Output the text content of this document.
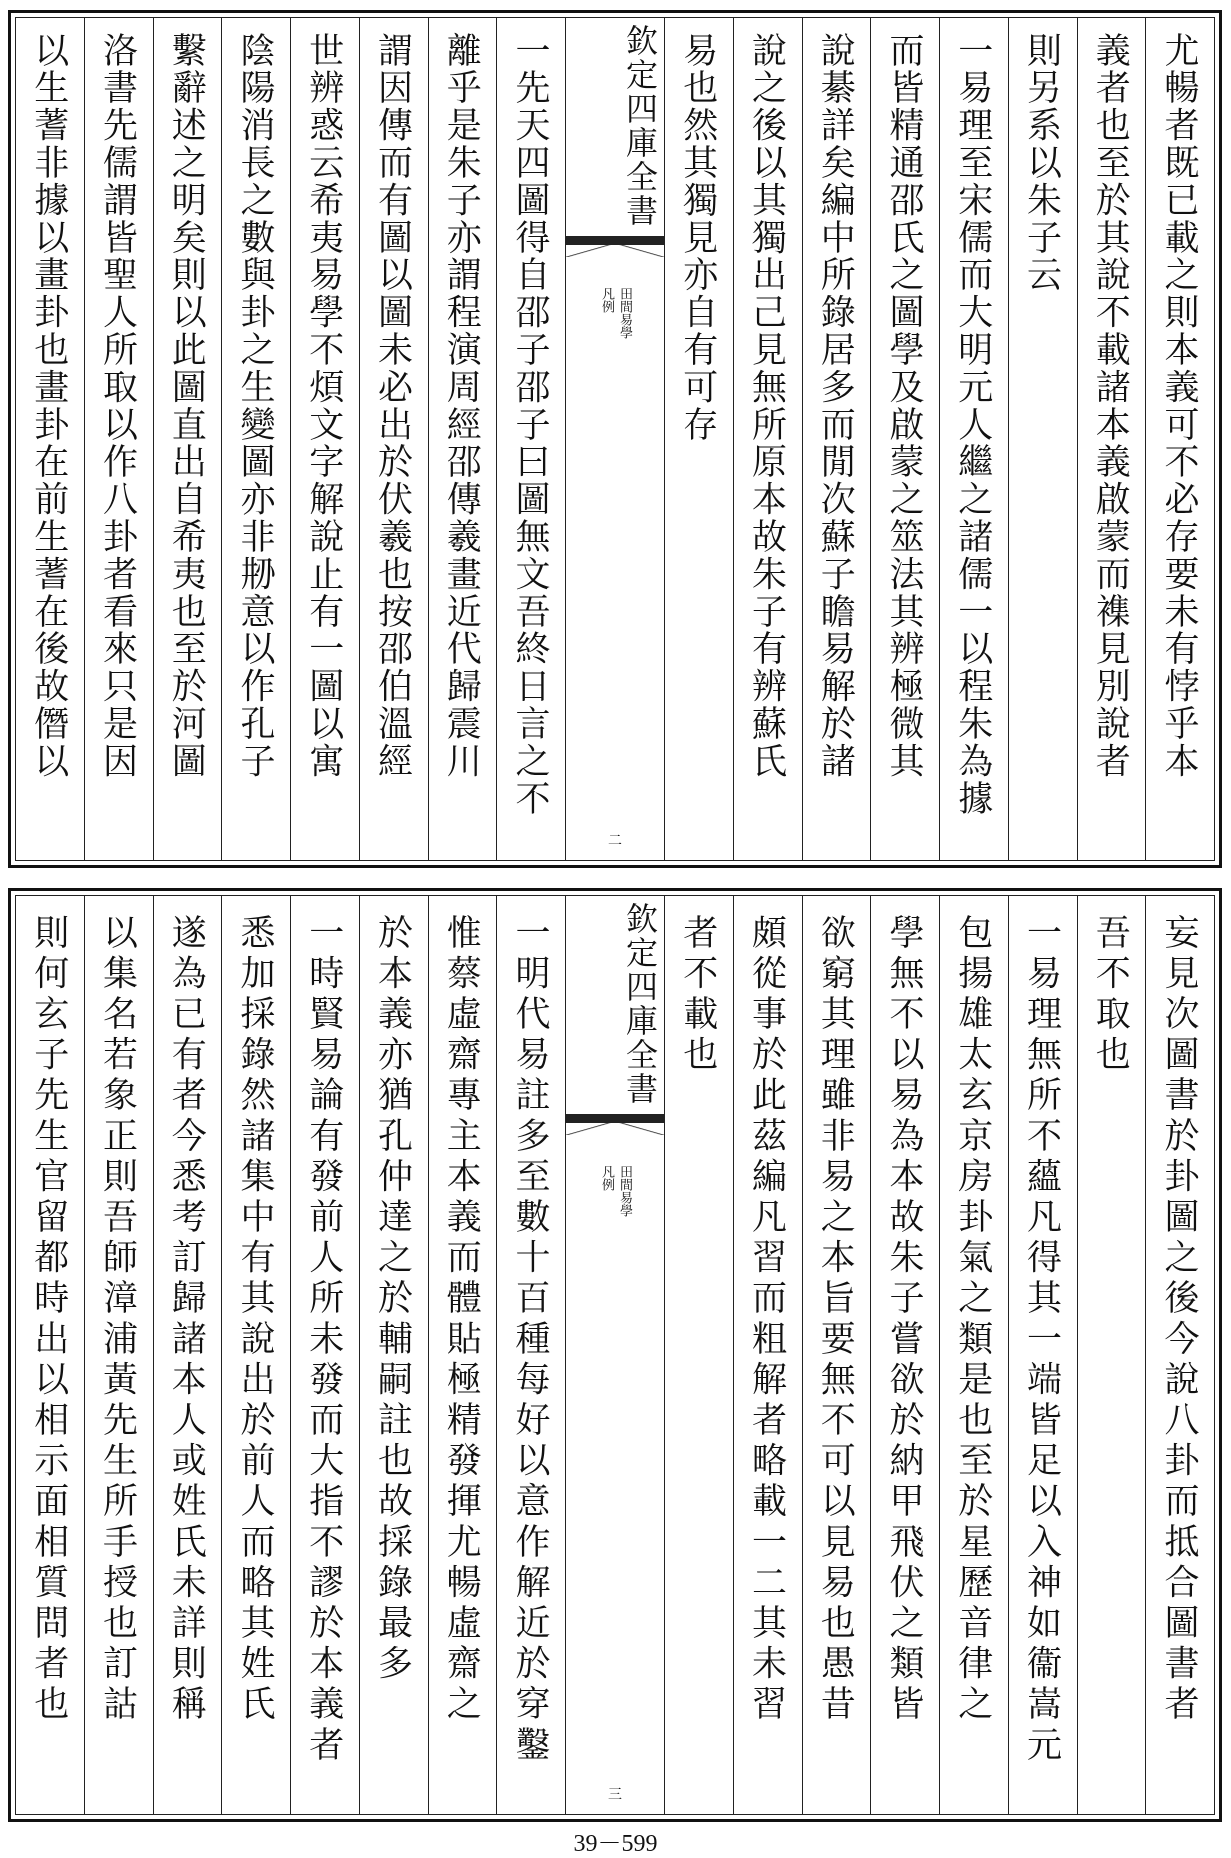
尤暢者既已載之則本義可不必存要未有悖乎本
義者也至於其說不載諸本義啟蒙而襍見別說者
則另系以朱子云
一易理至宋儒而大明元人繼之諸儒一以程朱為據
而皆精通邵氏之圖學及啟蒙之筮法其辨極微其
說綦詳矣編中所錄居多而閒次蘇子瞻易解於諸
說之後以其獨出己見無所原本故朱子有辨蘇氏
易也然其獨見亦自有可存
欽定四庫全書
田間易學
凡例
二
一先天四圖得自邵子邵子曰圖無文吾終日言之不
離乎是朱子亦謂程演周經邵傳羲畫近代歸震川
謂因傳而有圖以圖未必出於伏羲也按邵伯溫經
世辨惑云希夷易學不煩文字解說止有一圖以寓
陰陽消長之數與卦之生變圖亦非刱意以作孔子
繫辭述之明矣則以此圖直出自希夷也至於河圖
洛書先儒謂皆聖人所取以作八卦者看來只是因
以生蓍非據以畫卦也畫卦在前生蓍在後故僭以
妄見次圖書於卦圖之後今說八卦而抵合圖書者
吾不取也
一易理無所不蘊凡得其一端皆足以入神如衞嵩元
包揚雄太玄京房卦氣之類是也至於星歷音律之
學無不以易為本故朱子嘗欲於納甲飛伏之類皆
欲窮其理雖非易之本旨要無不可以見易也愚昔
頗從事於此茲編凡習而粗解者略載一二其未習
者不載也
欽定四庫全書
田間易學
凡例
三
一明代易註多至數十百種每好以意作解近於穿鑿
惟蔡虛齋專主本義而體貼極精發揮尤暢虛齋之
於本義亦猶孔仲達之於輔嗣註也故採錄最多
一時賢易論有發前人所未發而大指不謬於本義者
悉加採錄然諸集中有其說出於前人而略其姓氏
遂為已有者今悉考訂歸諸本人或姓氏未詳則稱
以集名若象正則吾師漳浦黃先生所手授也訂詁
則何玄子先生官留都時出以相示面相質問者也
39－599
